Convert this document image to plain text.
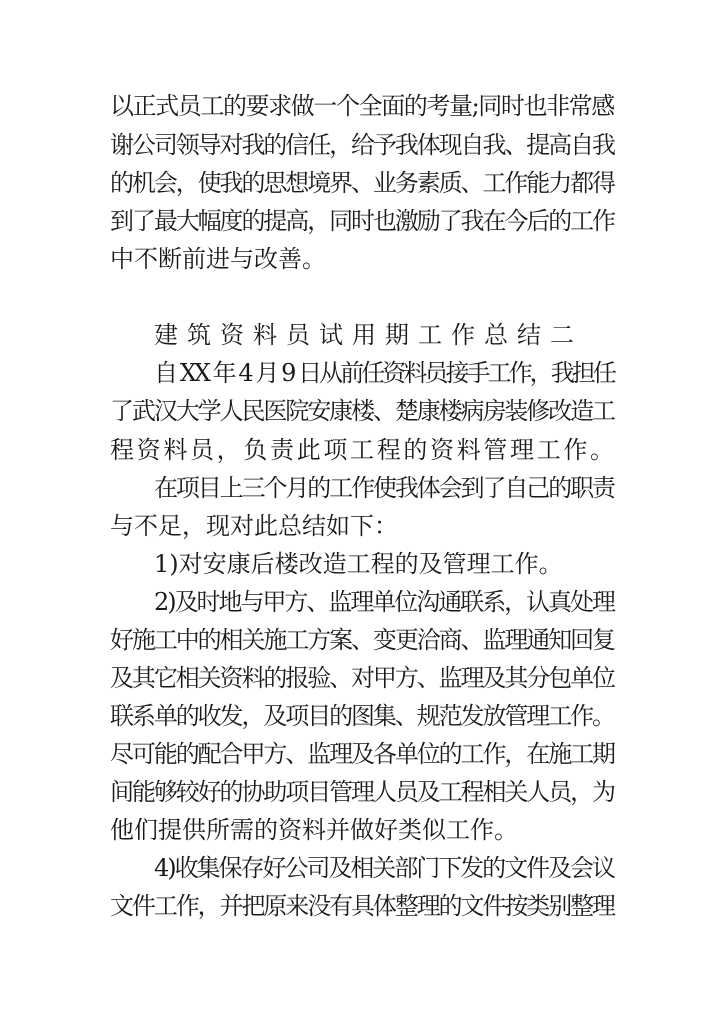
以正式员工的要求做一个全面的考量;同时也非常感
谢公司领导对我的信任，给予我体现自我、提高自我
的机会，使我的思想境界、业务素质、工作能力都得
到了最大幅度的提高，同时也激励了我在今后的工作
中不断前进与改善。
建筑资料员试用期工作总结二
自 XX 年 4 月 9 日从前任资料员接手工作，我担任
了武汉大学人民医院安康楼、楚康楼病房装修改造工
程资料员，负责此项工程的资料管理工作。
在项目上三个月的工作使我体会到了自己的职责
与不足，现对此总结如下：
1)对安康后楼改造工程的及管理工作。
2)及时地与甲方、监理单位沟通联系，认真处理
好施工中的相关施工方案、变更洽商、监理通知回复
及其它相关资料的报验、对甲方、监理及其分包单位
联系单的收发，及项目的图集、规范发放管理工作。
尽可能的配合甲方、监理及各单位的工作，在施工期
间能够较好的协助项目管理人员及工程相关人员，为
他们提供所需的资料并做好类似工作。
4)收集保存好公司及相关部门下发的文件及会议
文件工作，并把原来没有具体整理的文件按类别整理
